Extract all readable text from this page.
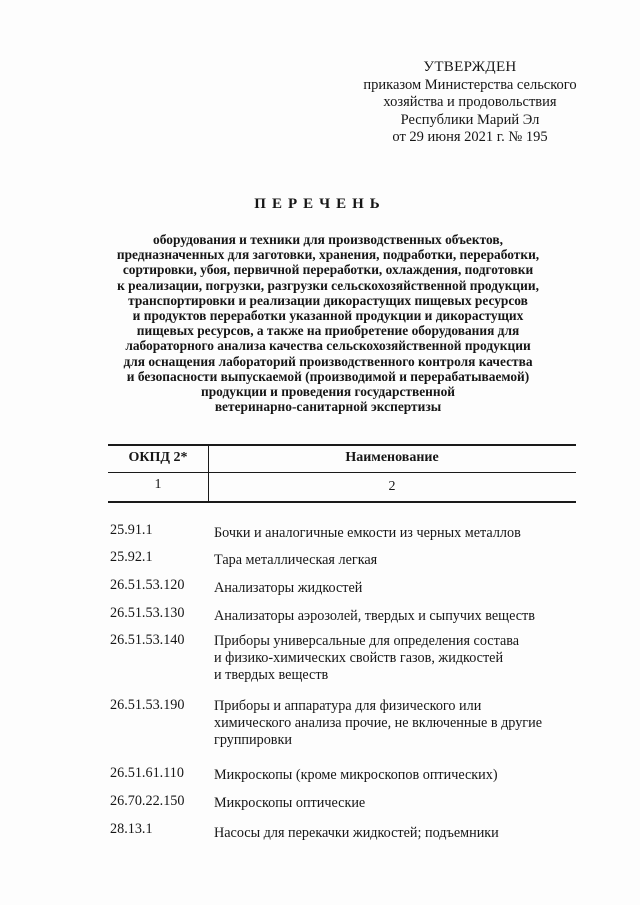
УТВЕРЖДЕН
приказом Министерства сельского
хозяйства и продовольствия
Республики Марий Эл
от 29 июня 2021 г. № 195
ПЕРЕЧЕНЬ
оборудования и техники для производственных объектов,
предназначенных для заготовки, хранения, подработки, переработки,
сортировки, убоя, первичной переработки, охлаждения, подготовки
к реализации, погрузки, разгрузки сельскохозяйственной продукции,
транспортировки и реализации дикорастущих пищевых ресурсов
и продуктов переработки указанной продукции и дикорастущих
пищевых ресурсов, а также на приобретение оборудования для
лабораторного анализа качества сельскохозяйственной продукции
для оснащения лабораторий производственного контроля качества
и безопасности выпускаемой (производимой и перерабатываемой)
продукции и проведения государственной
ветеринарно-санитарной экспертизы
ОКПД 2*	Наименование
1	2
25.91.1	Бочки и аналогичные емкости из черных металлов
25.92.1	Тара металлическая легкая
26.51.53.120	Анализаторы жидкостей
26.51.53.130	Анализаторы аэрозолей, твердых и сыпучих веществ
26.51.53.140	Приборы универсальные для определения состава
и физико-химических свойств газов, жидкостей
и твердых веществ
26.51.53.190	Приборы и аппаратура для физического или
химического анализа прочие, не включенные в другие
группировки
26.51.61.110	Микроскопы (кроме микроскопов оптических)
26.70.22.150	Микроскопы оптические
28.13.1	Насосы для перекачки жидкостей; подъемники
